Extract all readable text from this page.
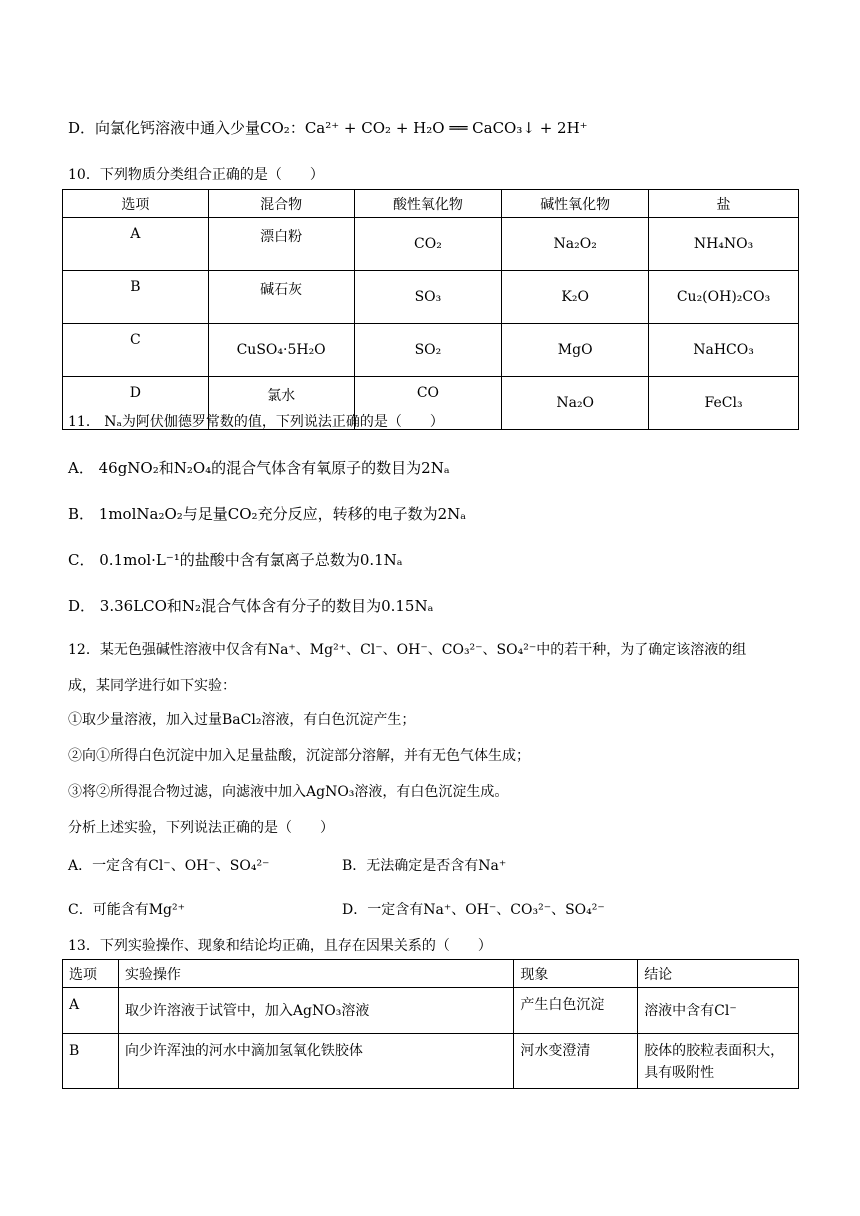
D．向氯化钙溶液中通入少量CO₂：Ca²⁺ + CO₂ + H₂O ══ CaCO₃↓ + 2H⁺
10．下列物质分类组合正确的是（　　）
选项	混合物	酸性氧化物	碱性氧化物	盐
A	漂白粉	CO₂	Na₂O₂	NH₄NO₃
B	碱石灰	SO₃	K₂O	Cu₂(OH)₂CO₃
C	CuSO₄·5H₂O	SO₂	MgO	NaHCO₃
D	氯水	CO	Na₂O	FeCl₃
11． Nₐ为阿伏伽德罗常数的值，下列说法正确的是（　　）
A． 46gNO₂和N₂O₄的混合气体含有氧原子的数目为2Nₐ
B． 1molNa₂O₂与足量CO₂充分反应，转移的电子数为2Nₐ
C． 0.1mol·L⁻¹的盐酸中含有氯离子总数为0.1Nₐ
D． 3.36LCO和N₂混合气体含有分子的数目为0.15Nₐ
12．某无色强碱性溶液中仅含有Na⁺、Mg²⁺、Cl⁻、OH⁻、CO₃²⁻、SO₄²⁻中的若干种，为了确定该溶液的组
成，某同学进行如下实验：
①取少量溶液，加入过量BaCl₂溶液，有白色沉淀产生；
②向①所得白色沉淀中加入足量盐酸，沉淀部分溶解，并有无色气体生成；
③将②所得混合物过滤，向滤液中加入AgNO₃溶液，有白色沉淀生成。
分析上述实验，下列说法正确的是（　　）
A．一定含有Cl⁻、OH⁻、SO₄²⁻	B．无法确定是否含有Na⁺
C．可能含有Mg²⁺	D．一定含有Na⁺、OH⁻、CO₃²⁻、SO₄²⁻
13．下列实验操作、现象和结论均正确，且存在因果关系的（　　）
选项	实验操作	现象	结论
A	取少许溶液于试管中，加入AgNO₃溶液	产生白色沉淀	溶液中含有Cl⁻
B	向少许浑浊的河水中滴加氢氧化铁胶体	河水变澄清	胶体的胶粒表面积大，具有吸附性
